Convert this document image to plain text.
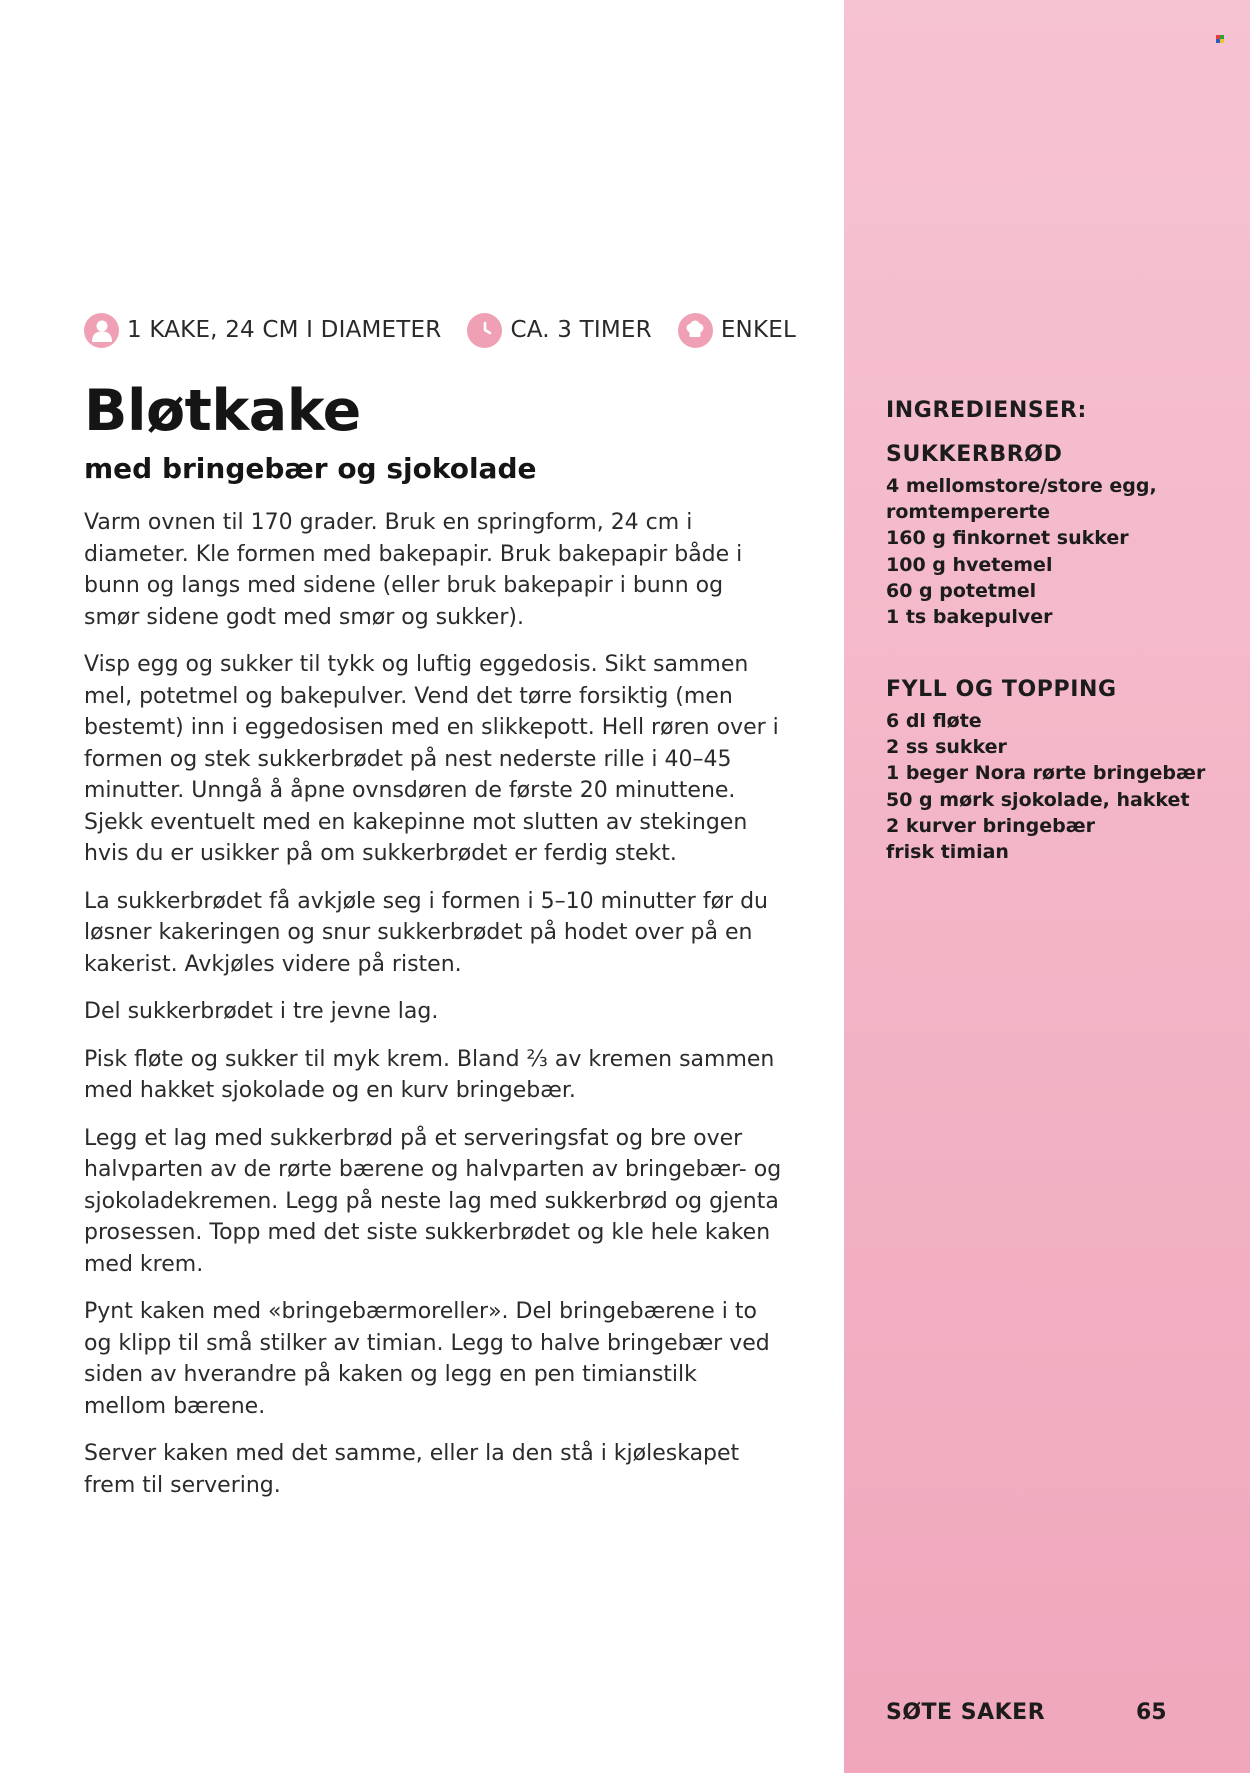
1 KAKE, 24 CM I DIAMETER	CA. 3 TIMER	ENKEL
Bløtkake
med bringebær og sjokolade

Varm ovnen til 170 grader. Bruk en springform, 24 cm i diameter. Kle formen med bakepapir. Bruk bakepapir både i bunn og langs med sidene (eller bruk bakepapir i bunn og smør sidene godt med smør og sukker).

Visp egg og sukker til tykk og luftig eggedosis. Sikt sammen mel, potetmel og bakepulver. Vend det tørre forsiktig (men bestemt) inn i eggedosisen med en slikkepott. Hell røren over i formen og stek sukkerbrødet på nest nederste rille i 40–45 minutter. Unngå å åpne ovnsdøren de første 20 minuttene. Sjekk eventuelt med en kakepinne mot slutten av stekingen hvis du er usikker på om sukkerbrødet er ferdig stekt.

La sukkerbrødet få avkjøle seg i formen i 5–10 minutter før du løsner kakeringen og snur sukkerbrødet på hodet over på en kakerist. Avkjøles videre på risten.

Del sukkerbrødet i tre jevne lag.

Pisk fløte og sukker til myk krem. Bland ⅔ av kremen sammen med hakket sjokolade og en kurv bringebær.

Legg et lag med sukkerbrød på et serveringsfat og bre over halvparten av de rørte bærene og halvparten av bringebær- og sjokoladekremen. Legg på neste lag med sukkerbrød og gjenta prosessen. Topp med det siste sukkerbrødet og kle hele kaken med krem.

Pynt kaken med «bringebærmoreller». Del bringebærene i to og klipp til små stilker av timian. Legg to halve bringebær ved siden av hverandre på kaken og legg en pen timianstilk mellom bærene.

Server kaken med det samme, eller la den stå i kjøleskapet frem til servering.

INGREDIENSER:
SUKKERBRØD
4 mellomstore/store egg,
romtempererte
160 g finkornet sukker
100 g hvetemel
60 g potetmel
1 ts bakepulver
FYLL OG TOPPING
6 dl fløte
2 ss sukker
1 beger Nora rørte bringebær
50 g mørk sjokolade, hakket
2 kurver bringebær
frisk timian
SØTE SAKER	65
